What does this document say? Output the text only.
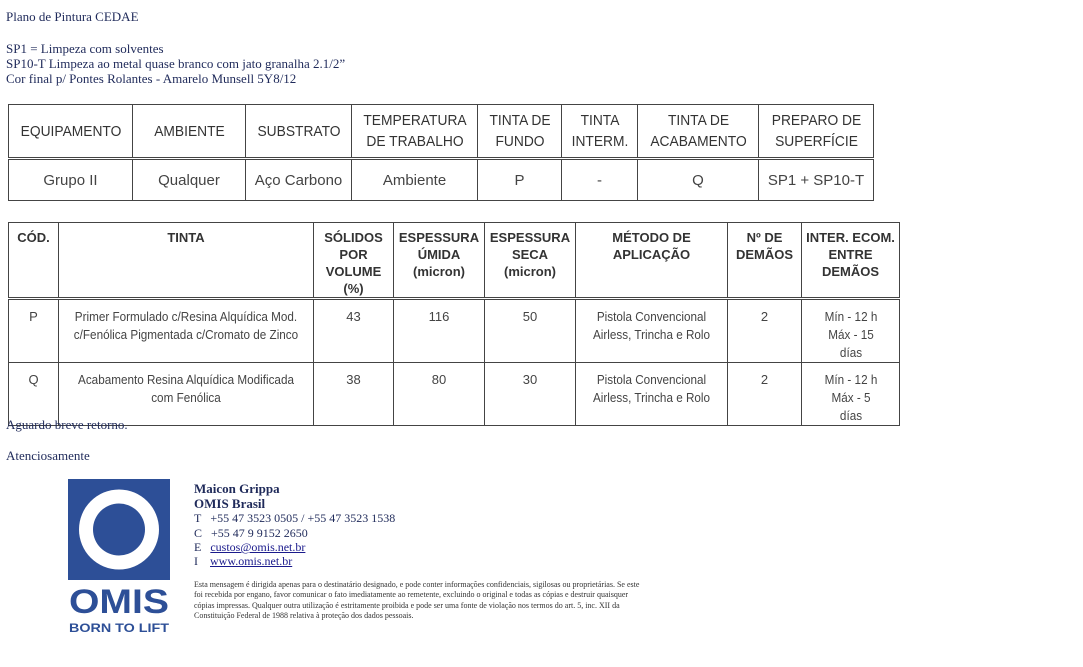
Plano de Pintura CEDAE
SP1 = Limpeza com solventes
SP10-T Limpeza ao metal quase branco com jato granalha 2.1/2”
Cor final p/ Pontes Rolantes - Amarelo Munsell 5Y8/12
EQUIPAMENTO	AMBIENTE	SUBSTRATO	TEMPERATURA DE TRABALHO	TINTA DE FUNDO	TINTA INTERM.	TINTA DE ACABAMENTO	PREPARO DE SUPERFÍCIE
Grupo II	Qualquer	Aço Carbono	Ambiente	P	-	Q	SP1 + SP10-T
CÓD.	TINTA	SÓLIDOS POR VOLUME (%)	ESPESSURA ÚMIDA (micron)	ESPESSURA SECA (micron)	MÉTODO DE APLICAÇÃO	Nº DE DEMÃOS	INTER. ECOM. ENTRE DEMÃOS
P	Primer Formulado c/Resina Alquídica Mod. c/Fenólica Pigmentada c/Cromato de Zinco	43	116	50	Pistola Convencional Airless, Trincha e Rolo	2	Mín - 12 h Máx - 15 días
Q	Acabamento Resina Alquídica Modificada com Fenólica	38	80	30	Pistola Convencional Airless, Trincha e Rolo	2	Mín - 12 h Máx - 5 días
Aguardo breve retorno.
Atenciosamente
OMIS
BORN TO LIFT
Maicon Grippa
OMIS Brasil
T +55 47 3523 0505 / +55 47 3523 1538
C +55 47 9 9152 2650
E custos@omis.net.br
I www.omis.net.br
Esta mensagem é dirigida apenas para o destinatário designado, e pode conter informações confidenciais, sigilosas ou proprietárias. Se este foi recebida por engano, favor comunicar o fato imediatamente ao remetente, excluindo o original e todas as cópias e destruir quaisquer cópias impressas. Qualquer outra utilização é estritamente proibida e pode ser uma fonte de violação nos termos do art. 5, inc. XII da Constituição Federal de 1988 relativa à proteção dos dados pessoais.
